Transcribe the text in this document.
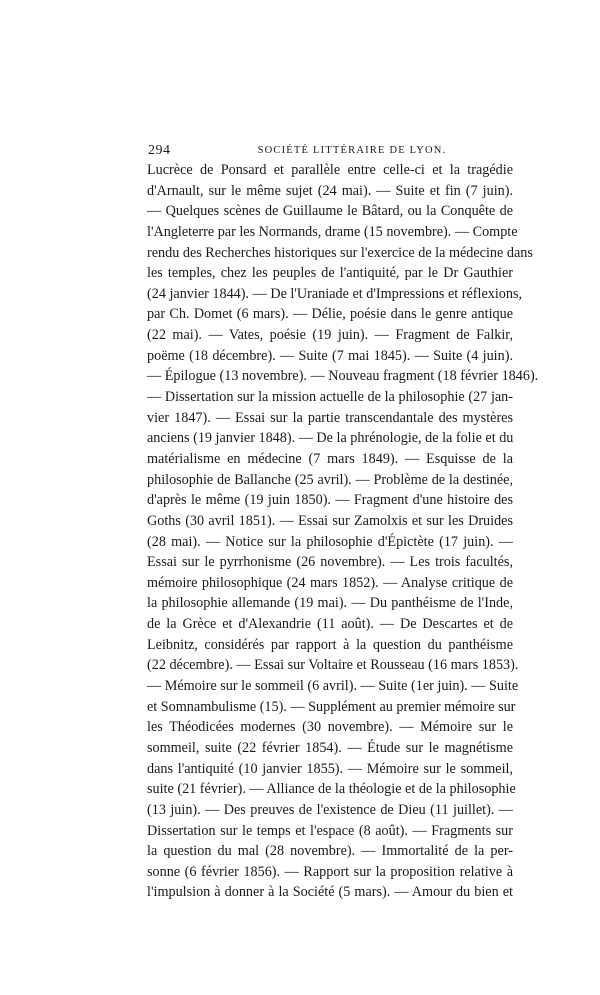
294	SOCIÉTÉ LITTÉRAIRE DE LYON.
Lucrèce de Ponsard et parallèle entre celle-ci et la tragédie
d'Arnault, sur le même sujet (24 mai). — Suite et fin (7 juin).
— Quelques scènes de Guillaume le Bâtard, ou la Conquête de
l'Angleterre par les Normands, drame (15 novembre). — Compte
rendu des Recherches historiques sur l'exercice de la médecine dans
les temples, chez les peuples de l'antiquité, par le Dr Gauthier
(24 janvier 1844). — De l'Uraniade et d'Impressions et réflexions,
par Ch. Domet (6 mars). — Délie, poésie dans le genre antique
(22 mai). — Vates, poésie (19 juin). — Fragment de Falkir,
poëme (18 décembre). — Suite (7 mai 1845). — Suite (4 juin).
— Épilogue (13 novembre). — Nouveau fragment (18 février 1846).
— Dissertation sur la mission actuelle de la philosophie (27 jan-
vier 1847). — Essai sur la partie transcendantale des mystères
anciens (19 janvier 1848). — De la phrénologie, de la folie et du
matérialisme en médecine (7 mars 1849). — Esquisse de la
philosophie de Ballanche (25 avril). — Problème de la destinée,
d'après le même (19 juin 1850). — Fragment d'une histoire des
Goths (30 avril 1851). — Essai sur Zamolxis et sur les Druides
(28 mai). — Notice sur la philosophie d'Épictète (17 juin). —
Essai sur le pyrrhonisme (26 novembre). — Les trois facultés,
mémoire philosophique (24 mars 1852). — Analyse critique de
la philosophie allemande (19 mai). — Du panthéisme de l'Inde,
de la Grèce et d'Alexandrie (11 août). — De Descartes et de
Leibnitz, considérés par rapport à la question du panthéisme
(22 décembre). — Essai sur Voltaire et Rousseau (16 mars 1853).
— Mémoire sur le sommeil (6 avril). — Suite (1er juin). — Suite
et Somnambulisme (15). — Supplément au premier mémoire sur
les Théodicées modernes (30 novembre). — Mémoire sur le
sommeil, suite (22 février 1854). — Étude sur le magnétisme
dans l'antiquité (10 janvier 1855). — Mémoire sur le sommeil,
suite (21 février). — Alliance de la théologie et de la philosophie
(13 juin). — Des preuves de l'existence de Dieu (11 juillet). —
Dissertation sur le temps et l'espace (8 août). — Fragments sur
la question du mal (28 novembre). — Immortalité de la per-
sonne (6 février 1856). — Rapport sur la proposition relative à
l'impulsion à donner à la Société (5 mars). — Amour du bien et
